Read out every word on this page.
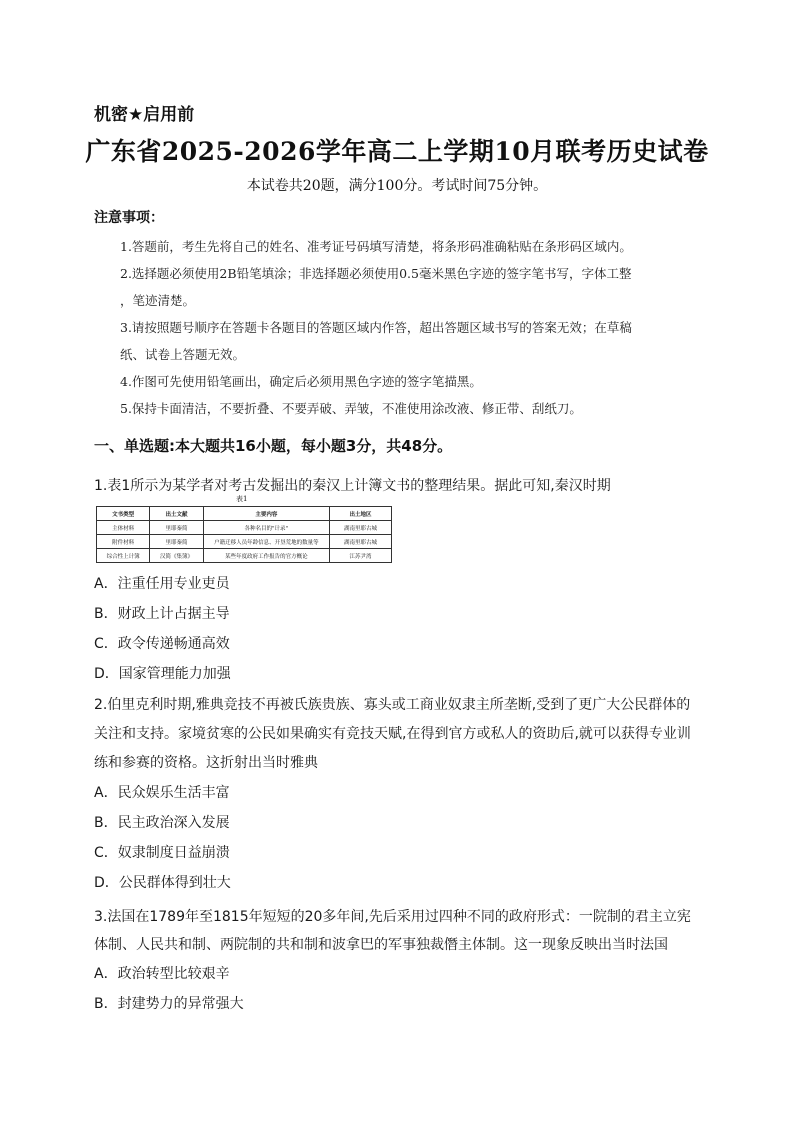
机密★启用前
广东省2025-2026学年高二上学期10月联考历史试卷
本试卷共20题，满分100分。考试时间75分钟。
注意事项：
1.答题前，考生先将自己的姓名、准考证号码填写清楚，将条形码准确粘贴在条形码区域内。
2.选择题必须使用2B铅笔填涂；非选择题必须使用0.5毫米黑色字迹的签字笔书写，字体工整
，笔迹清楚。
3.请按照题号顺序在答题卡各题目的答题区域内作答，超出答题区域书写的答案无效；在草稿
纸、试卷上答题无效。
4.作图可先使用铅笔画出，确定后必须用黑色字迹的签字笔描黑。
5.保持卡面清洁，不要折叠、不要弄破、弄皱，不准使用涂改液、修正带、刮纸刀。
一、单选题:本大题共16小题，每小题3分，共48分。
1.表1所示为某学者对考古发掘出的秦汉上计簿文书的整理结果。据此可知,秦汉时期
表1
文书类型	出土文献	主要内容	出土地区
主体材料	里耶秦简	各种名目的"计录"	湖南里耶古城
附件材料	里耶秦简	户籍迁移人员年龄信息、开垦荒地的数量等	湖南里耶古城
综合性上计簿	汉简《集簿》	某些年度政府工作报告的官方概论	江苏尹湾
A．注重任用专业吏员
B．财政上计占据主导
C．政令传递畅通高效
D．国家管理能力加强
2.伯里克利时期,雅典竞技不再被氏族贵族、寡头或工商业奴隶主所垄断,受到了更广大公民群体的
关注和支持。家境贫寒的公民如果确实有竞技天赋,在得到官方或私人的资助后,就可以获得专业训
练和参赛的资格。这折射出当时雅典
A．民众娱乐生活丰富
B．民主政治深入发展
C．奴隶制度日益崩溃
D．公民群体得到壮大
3.法国在1789年至1815年短短的20多年间,先后采用过四种不同的政府形式：一院制的君主立宪
体制、人民共和制、两院制的共和制和波拿巴的军事独裁僭主体制。这一现象反映出当时法国
A．政治转型比较艰辛
B．封建势力的异常强大
